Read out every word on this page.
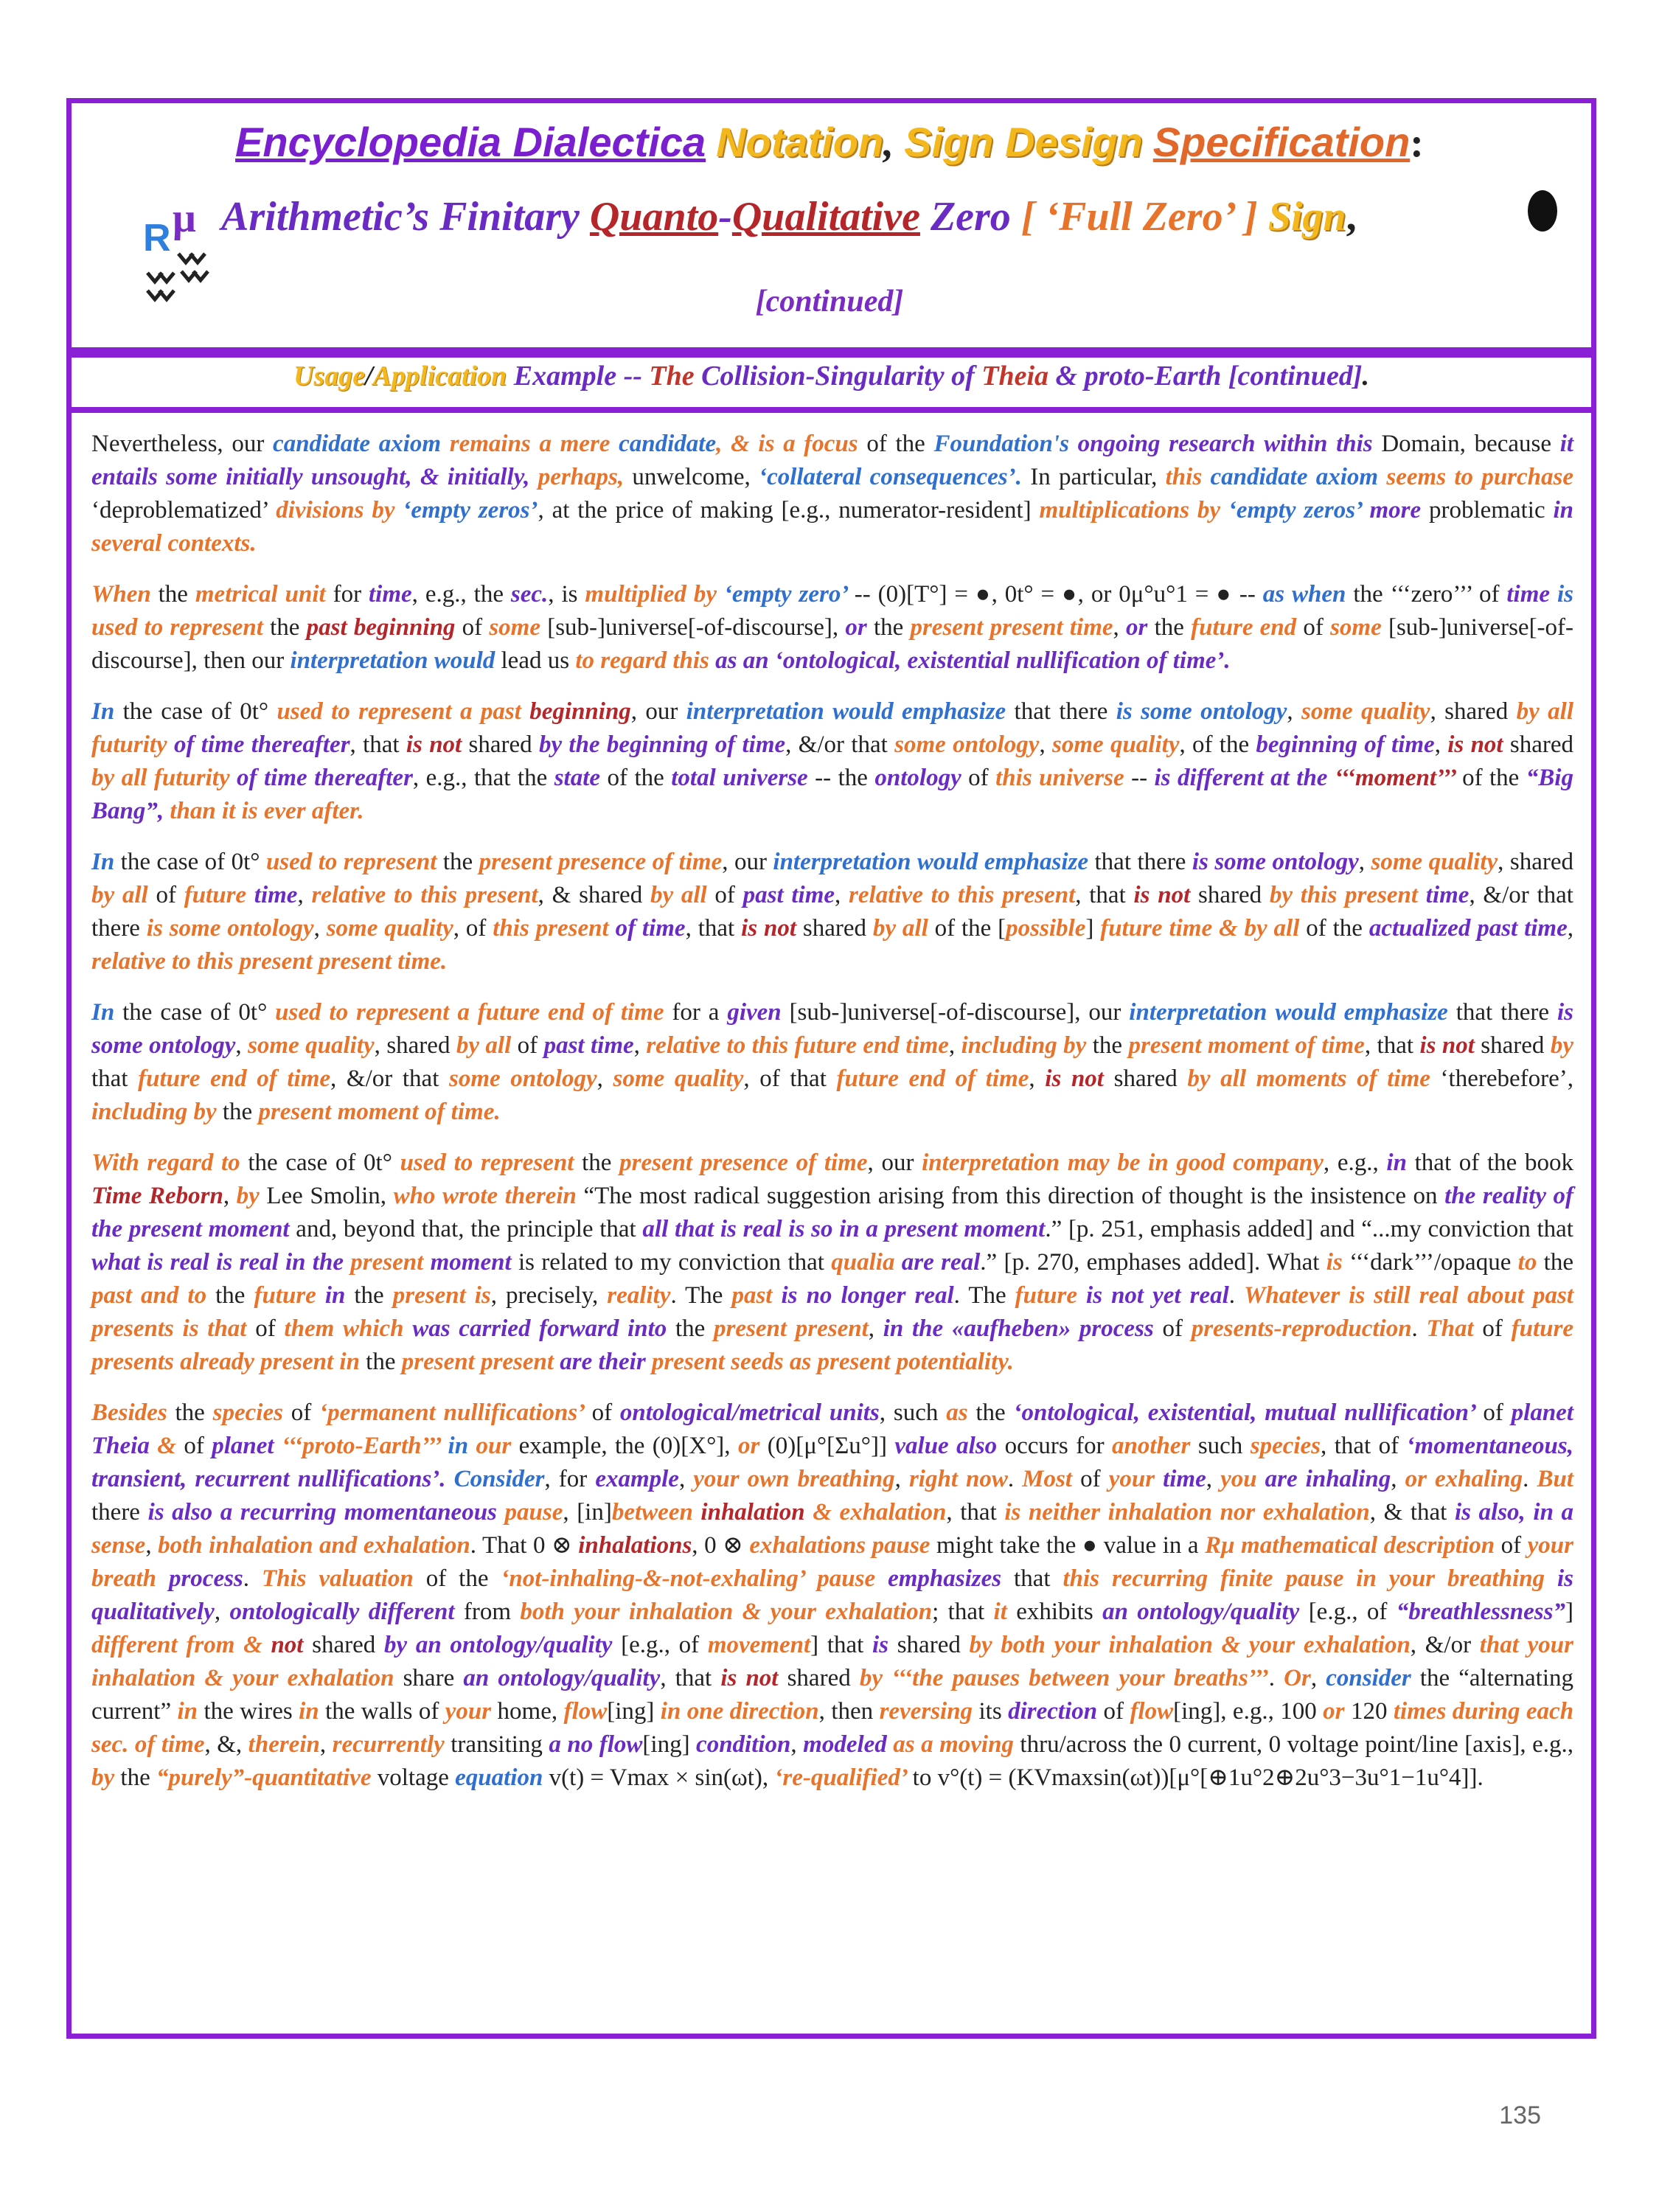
Encyclopedia Dialectica Notation, Sign Design Specification:
R μ Arithmetic’s Finitary Quanto-Qualitative Zero [ ‘Full Zero’ ] Sign,
[continued]
Usage/Application Example -- The Collision-Singularity of Theia & proto-Earth [continued].

Nevertheless, our candidate axiom remains a mere candidate, & is a focus of the Foundation's ongoing research within this Domain, because it entails some initially unsought, & initially, perhaps, unwelcome, ‘collateral consequences’. In particular, this candidate axiom seems to purchase ‘deproblematized’ divisions by ‘empty zeros’, at the price of making [e.g., numerator-resident] multiplications by ‘empty zeros’ more problematic in several contexts.

When the metrical unit for time, e.g., the sec., is multiplied by ‘empty zero’ -- (0)[T°] = ●, 0t° = ●, or 0μ°u°1 = ● -- as when the ‘‘‘zero’’’ of time is used to represent the past beginning of some [sub-]universe[-of-discourse], or the present present time, or the future end of some [sub-]universe[-of-discourse], then our interpretation would lead us to regard this as an ‘ontological, existential nullification of time’.

In the case of 0t° used to represent a past beginning, our interpretation would emphasize that there is some ontology, some quality, shared by all futurity of time thereafter, that is not shared by the beginning of time, &/or that some ontology, some quality, of the beginning of time, is not shared by all futurity of time thereafter, e.g., that the state of the total universe -- the ontology of this universe -- is different at the ‘‘‘moment’’’ of the “Big Bang”, than it is ever after.

In the case of 0t° used to represent the present presence of time, our interpretation would emphasize that there is some ontology, some quality, shared by all of future time, relative to this present, & shared by all of past time, relative to this present, that is not shared by this present time, &/or that there is some ontology, some quality, of this present of time, that is not shared by all of the [possible] future time & by all of the actualized past time, relative to this present present time.

In the case of 0t° used to represent a future end of time for a given [sub-]universe[-of-discourse], our interpretation would emphasize that there is some ontology, some quality, shared by all of past time, relative to this future end time, including by the present moment of time, that is not shared by that future end of time, &/or that some ontology, some quality, of that future end of time, is not shared by all moments of time ‘therebefore’, including by the present moment of time.

With regard to the case of 0t° used to represent the present presence of time, our interpretation may be in good company, e.g., in that of the book Time Reborn, by Lee Smolin, who wrote therein “The most radical suggestion arising from this direction of thought is the insistence on the reality of the present moment and, beyond that, the principle that all that is real is so in a present moment.” [p. 251, emphasis added] and “...my conviction that what is real is real in the present moment is related to my conviction that qualia are real.” [p. 270, emphases added]. What is ‘‘‘dark’’’/opaque to the past and to the future in the present is, precisely, reality. The past is no longer real. The future is not yet real. Whatever is still real about past presents is that of them which was carried forward into the present present, in the «aufheben» process of presents-reproduction. That of future presents already present in the present present are their present seeds as present potentiality.

Besides the species of ‘permanent nullifications’ of ontological/metrical units, such as the ‘ontological, existential, mutual nullification’ of planet Theia & of planet ‘‘‘proto-Earth’’’ in our example, the (0)[X°], or (0)[μ°[Σu°]] value also occurs for another such species, that of ‘momentaneous, transient, recurrent nullifications’. Consider, for example, your own breathing, right now. Most of your time, you are inhaling, or exhaling. But there is also a recurring momentaneous pause, [in]between inhalation & exhalation, that is neither inhalation nor exhalation, & that is also, in a sense, both inhalation and exhalation. That 0 ⊗ inhalations, 0 ⊗ exhalations pause might take the ● value in a Rμ mathematical description of your breath process. This valuation of the ‘not-inhaling-&-not-exhaling’ pause emphasizes that this recurring finite pause in your breathing is qualitatively, ontologically different from both your inhalation & your exhalation; that it exhibits an ontology/quality [e.g., of “breathlessness”] different from & not shared by an ontology/quality [e.g., of movement] that is shared by both your inhalation & your exhalation, &/or that your inhalation & your exhalation share an ontology/quality, that is not shared by ‘‘‘the pauses between your breaths’’’. Or, consider the “alternating current” in the wires in the walls of your home, flow[ing] in one direction, then reversing its direction of flow[ing], e.g., 100 or 120 times during each sec. of time, &, therein, recurrently transiting a no flow[ing] condition, modeled as a moving thru/across the 0 current, 0 voltage point/line [axis], e.g., by the “purely”-quantitative voltage equation v(t) = Vmax × sin(ωt), ‘re-qualified’ to v°(t) = (KVmaxsin(ωt))[μ°[⊕1u°2⊕2u°3−3u°1−1u°4]].

135
